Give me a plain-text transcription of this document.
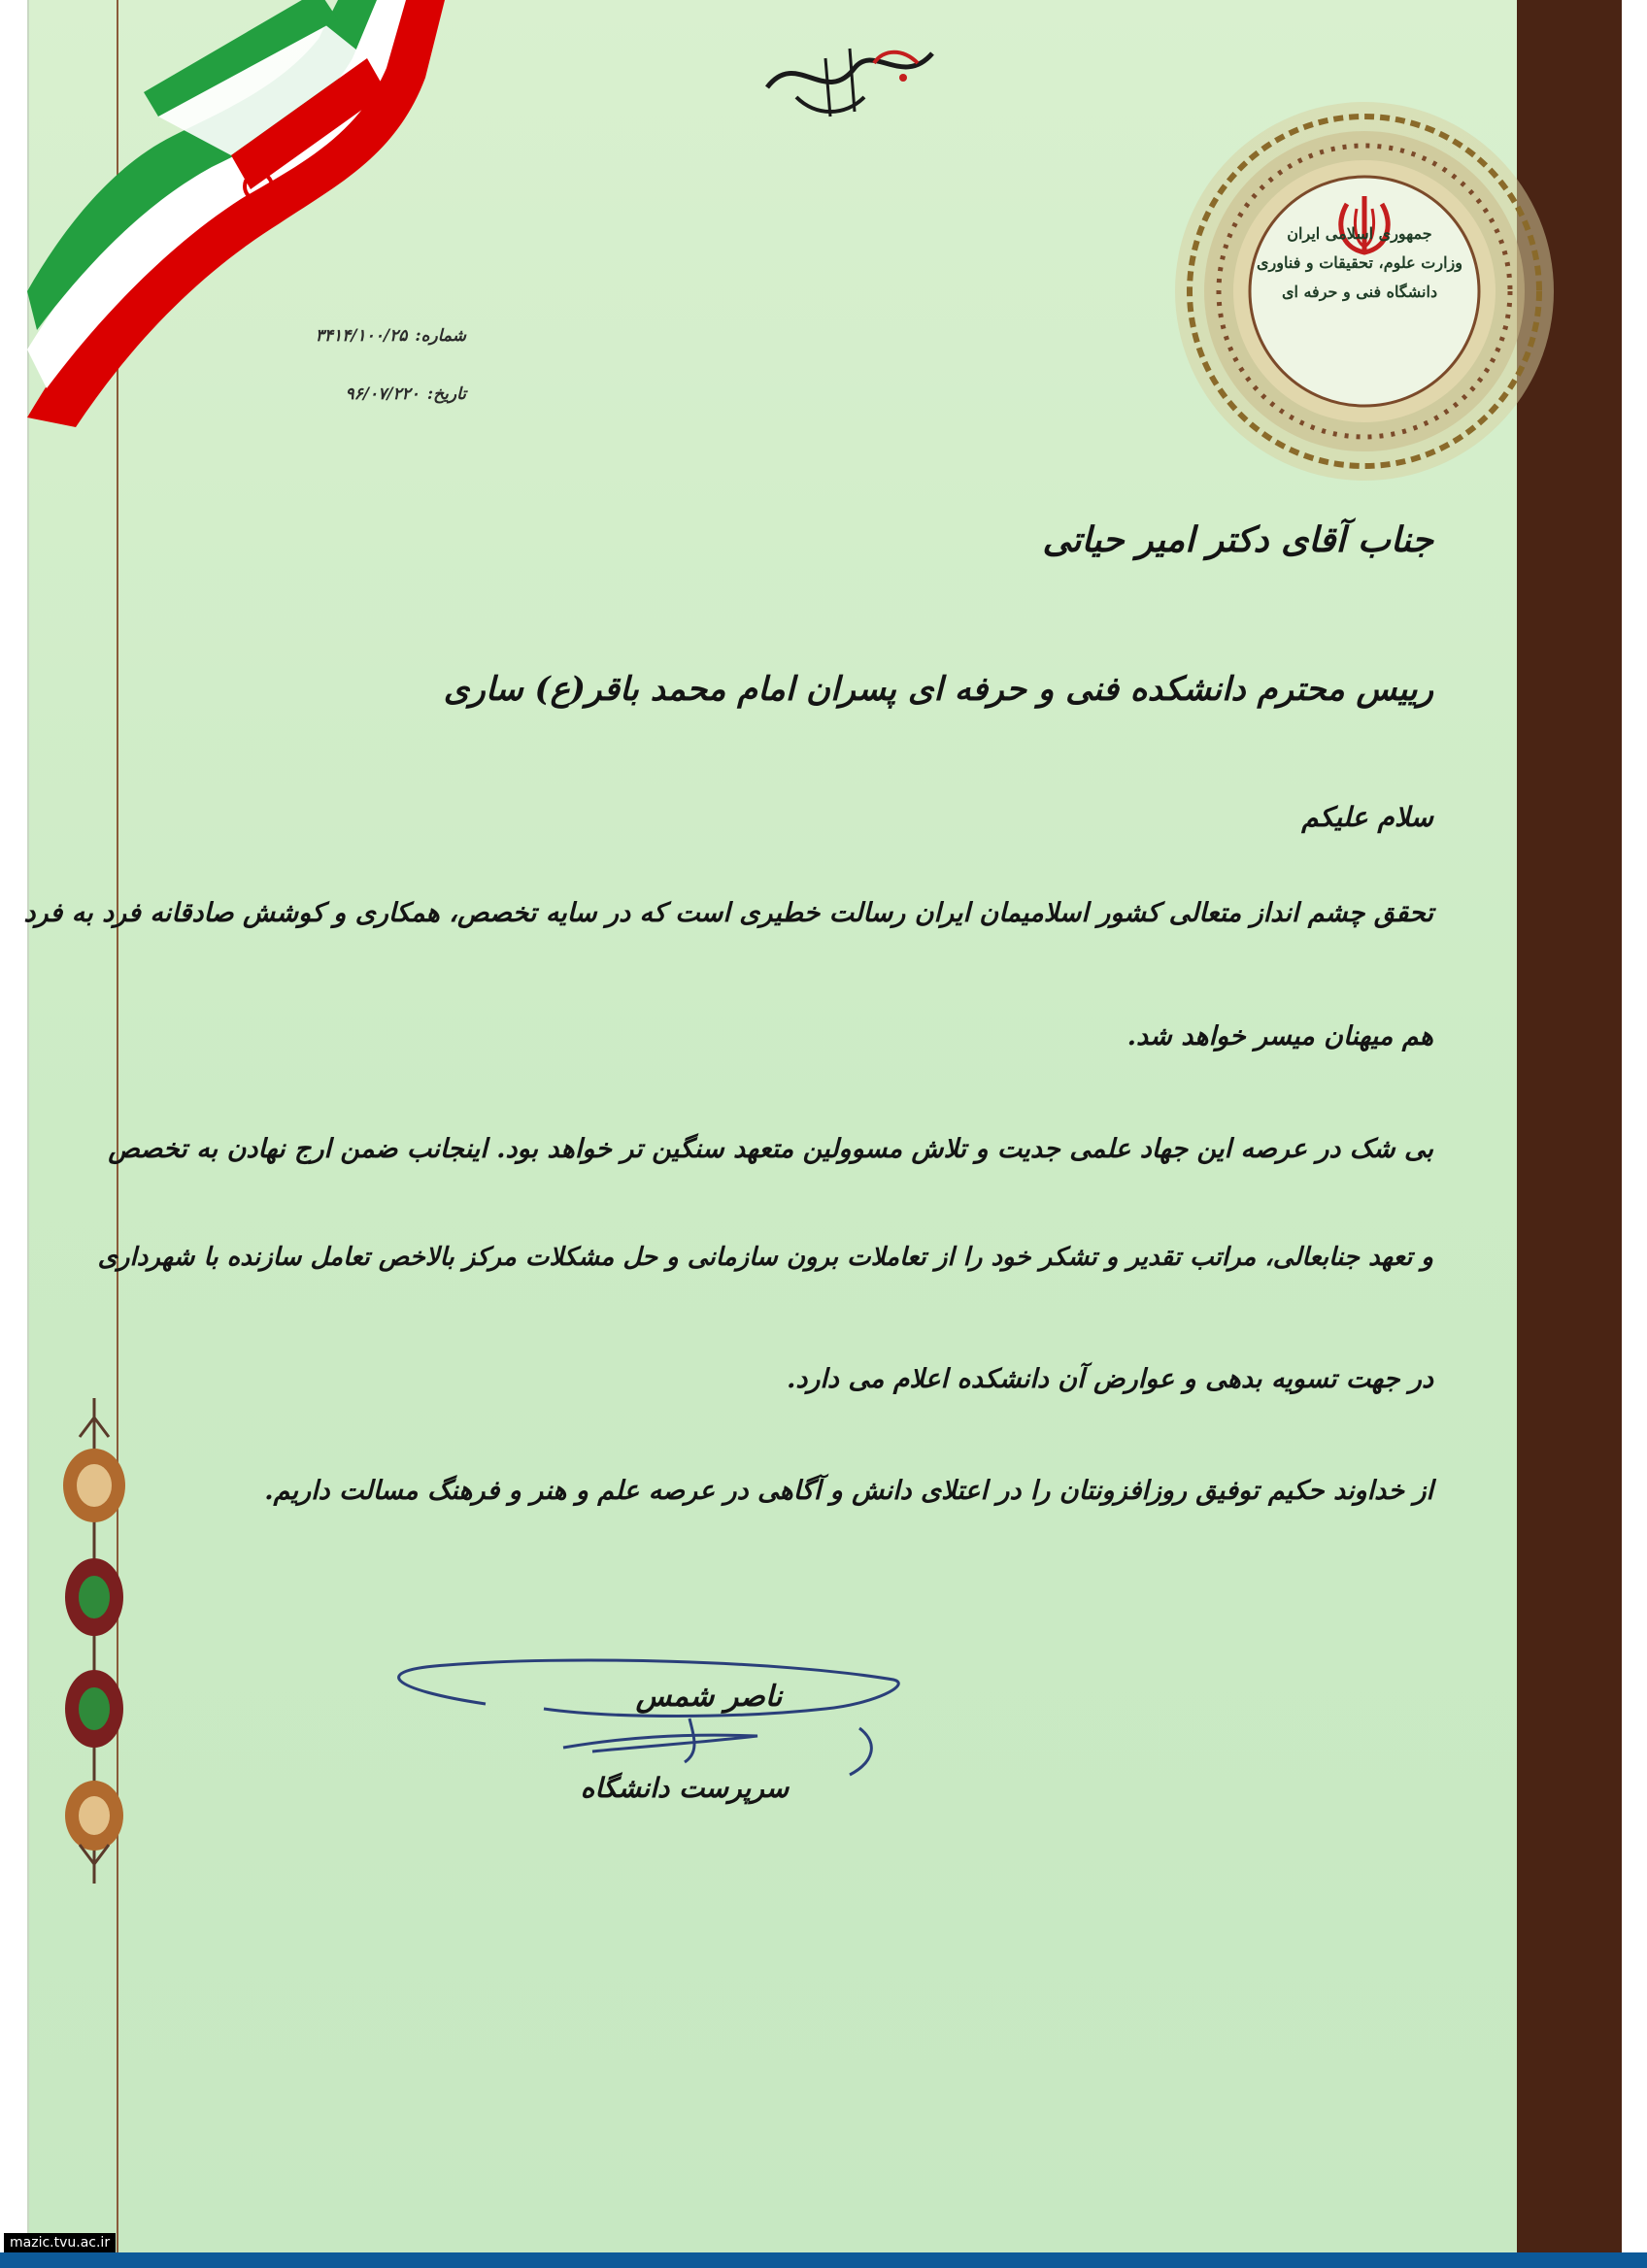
جمهوری اسلامی ایران
وزارت علوم، تحقیقات و فناوری
دانشگاه فنی و حرفه ای
شماره:۳۴۱۴/۱۰۰/۲۵
تاریخ:۹۶/۰۷/۲۲۰
جناب آقای دکتر امیر حیاتی
رییس محترم دانشکده فنی و حرفه ای پسران امام محمد باقر(ع) ساری
سلام علیکم
تحقق چشم انداز متعالی کشور اسلامیمان ایران رسالت خطیری است که در سایه تخصص، همکاری و کوشش صادقانه فرد به فرد
هم میهنان میسر خواهد شد.
بی شک در عرصه این جهاد علمی جدیت و تلاش مسوولین متعهد سنگین تر خواهد بود. اینجانب ضمن ارج نهادن به تخصص
و تعهد جنابعالی، مراتب تقدیر و تشکر خود را از تعاملات برون سازمانی و حل مشکلات مرکز بالاخص تعامل سازنده با شهرداری
در جهت تسویه بدهی و عوارض آن دانشکده اعلام می دارد.
از خداوند حکیم توفیق روزافزونتان را در اعتلای دانش و آگاهی در عرصه علم و هنر و فرهنگ مسالت داریم.
ناصر شمس
سرپرست دانشگاه
mazic.tvu.ac.ir
